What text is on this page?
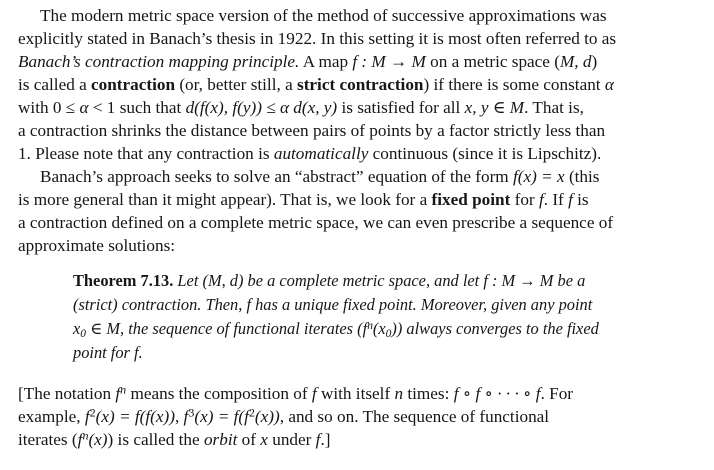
The modern metric space version of the method of successive approximations was
explicitly stated in Banach’s thesis in 1922. In this setting it is most often referred to as
Banach’s contraction mapping principle. A map f : M → M on a metric space (M, d)
is called a contraction (or, better still, a strict contraction) if there is some constant α
with 0 ≤ α < 1 such that d(f(x), f(y)) ≤ α d(x, y) is satisfied for all x, y ∈ M. That is,
a contraction shrinks the distance between pairs of points by a factor strictly less than
1. Please note that any contraction is automatically continuous (since it is Lipschitz).
Banach’s approach seeks to solve an “abstract” equation of the form f(x) = x (this
is more general than it might appear). That is, we look for a fixed point for f. If f is
a contraction defined on a complete metric space, we can even prescribe a sequence of
approximate solutions:
Theorem 7.13. Let (M, d) be a complete metric space, and let f : M → M be a
(strict) contraction. Then, f has a unique fixed point. Moreover, given any point
$x_0$ ∈ M, the sequence of functional iterates $(f^n(x_0))$ always converges to the fixed
point for f.
[The notation $f^n$ means the composition of f with itself n times: f ∘ f ∘ · · · ∘ f. For
example, $f^2(x) = f(f(x))$, $f^3(x) = f(f^2(x))$, and so on. The sequence of functional
iterates $(f^n(x))$ is called the orbit of x under f.]
